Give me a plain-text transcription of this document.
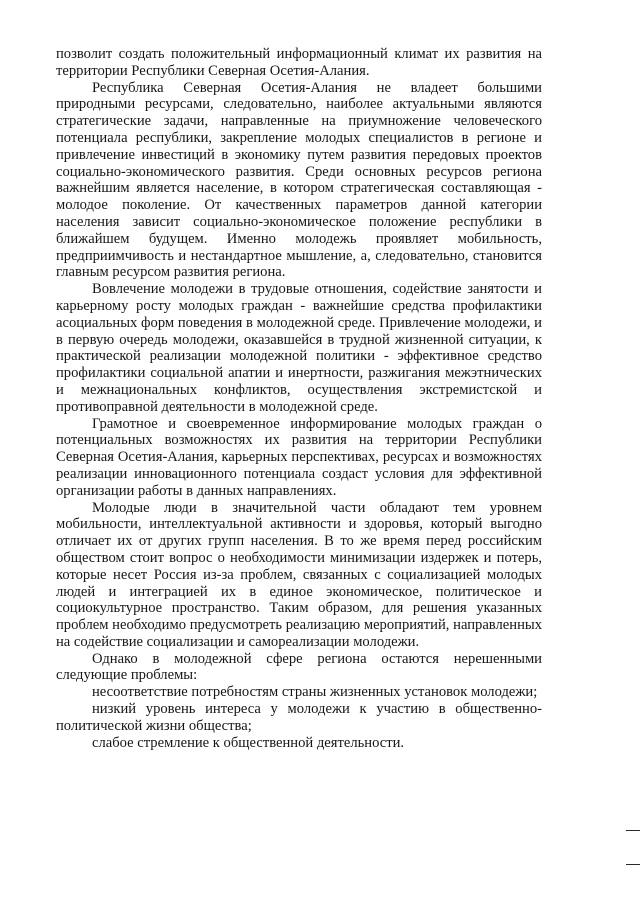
позволит создать положительный информационный климат их развития на территории Республики Северная Осетия-Алания.

Республика Северная Осетия-Алания не владеет большими природными ресурсами, следовательно, наиболее актуальными являются стратегические задачи, направленные на приумножение человеческого потенциала республики, закрепление молодых специалистов в регионе и привлечение инвестиций в экономику путем развития передовых проектов социально-экономического развития. Среди основных ресурсов региона важнейшим является население, в котором стратегическая составляющая - молодое поколение. От качественных параметров данной категории населения зависит социально-экономическое положение республики в ближайшем будущем. Именно молодежь проявляет мобильность, предприимчивость и нестандартное мышление, а, следовательно, становится главным ресурсом развития региона.

Вовлечение молодежи в трудовые отношения, содействие занятости и карьерному росту молодых граждан - важнейшие средства профилактики асоциальных форм поведения в молодежной среде. Привлечение молодежи, и в первую очередь молодежи, оказавшейся в трудной жизненной ситуации, к практической реализации молодежной политики - эффективное средство профилактики социальной апатии и инертности, разжигания межэтнических и межнациональных конфликтов, осуществления экстремистской и противоправной деятельности в молодежной среде.

Грамотное и своевременное информирование молодых граждан о потенциальных возможностях их развития на территории Республики Северная Осетия-Алания, карьерных перспективах, ресурсах и возможностях реализации инновационного потенциала создаст условия для эффективной организации работы в данных направлениях.

Молодые люди в значительной части обладают тем уровнем мобильности, интеллектуальной активности и здоровья, который выгодно отличает их от других групп населения. В то же время перед российским обществом стоит вопрос о необходимости минимизации издержек и потерь, которые несет Россия из-за проблем, связанных с социализацией молодых людей и интеграцией их в единое экономическое, политическое и социокультурное пространство. Таким образом, для решения указанных проблем необходимо предусмотреть реализацию мероприятий, направленных на содействие социализации и самореализации молодежи.

Однако в молодежной сфере региона остаются нерешенными следующие проблемы:

несоответствие потребностям страны жизненных установок молодежи;

низкий уровень интереса у молодежи к участию в общественно-политической жизни общества;

слабое стремление к общественной деятельности.
